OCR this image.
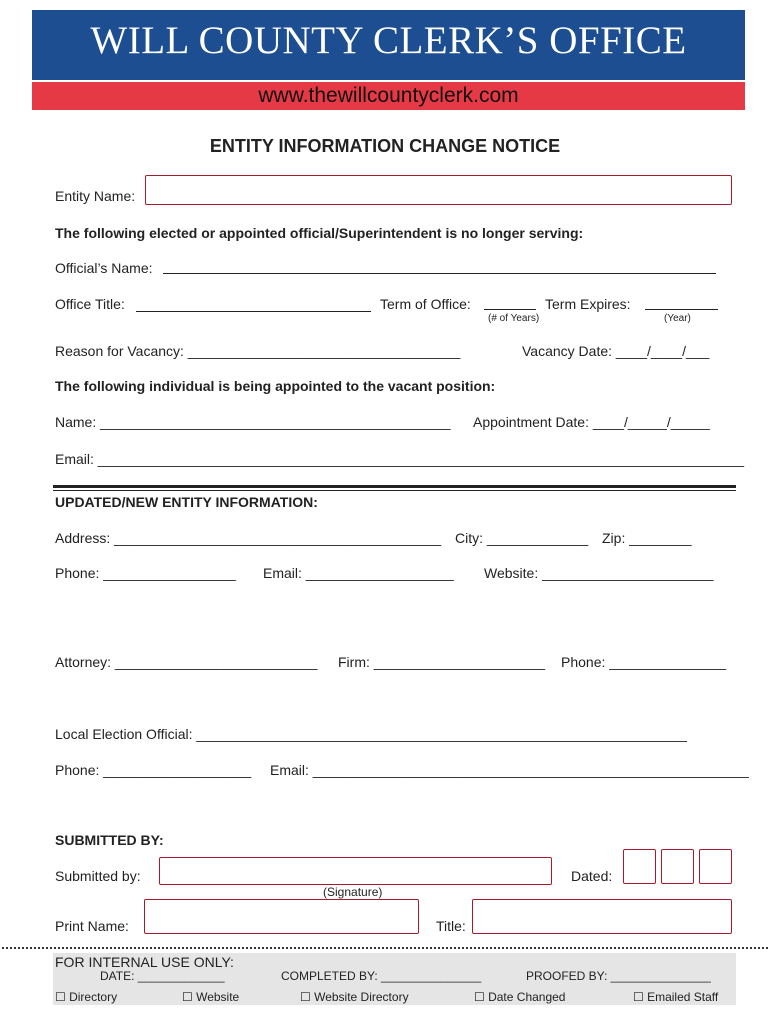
WILL COUNTY CLERK’S OFFICE
www.thewillcountyclerk.com
ENTITY INFORMATION CHANGE NOTICE
Entity Name:
The following elected or appointed official/Superintendent is no longer serving:
Official’s Name:
Office Title:	Term of Office:	Term Expires:
(# of Years)	(Year)
Reason for Vacancy: ___________________________________	Vacancy Date: ____/____/___
The following individual is being appointed to the vacant position:
Name: _____________________________________________ Appointment Date: ____/_____/_____
Email: ___________________________________________________________________________________
UPDATED/NEW ENTITY INFORMATION:
Address: __________________________________________ City: _____________ Zip: ________
Phone: _________________ Email: ___________________ Website: ______________________
Attorney: __________________________ Firm: ______________________ Phone: _______________
Local Election Official: _______________________________________________________________
Phone: ___________________ Email: ________________________________________________________
SUBMITTED BY:
Submitted by:
(Signature)
Dated:
Print Name:	Title:
FOR INTERNAL USE ONLY:
DATE: _____________	COMPLETED BY: _______________	PROOFED BY: _______________
☐ Directory	☐ Website	☐ Website Directory	☐ Date Changed	☐ Emailed Staff
